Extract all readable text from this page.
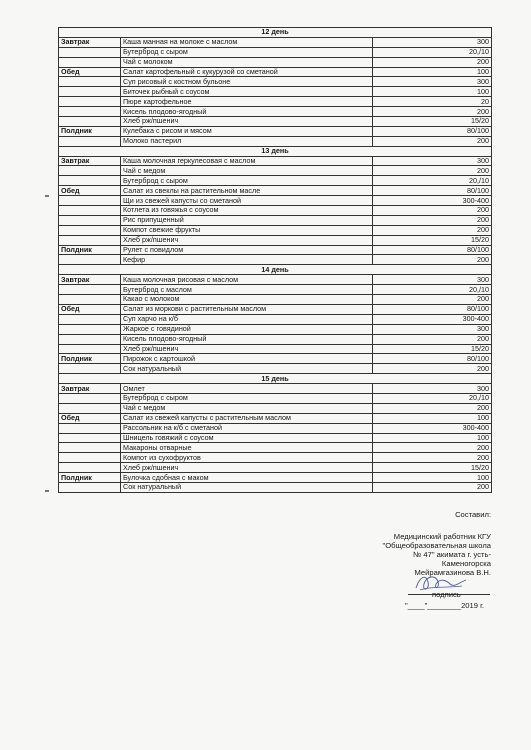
12 день		
Завтрак	Каша манная на молоке с маслом	300
	Бутерброд с сыром	20,/10
	Чай с молоком	200
Обед	Салат картофельный с кукурузой со сметаной	100
	Суп рисовый с костном бульоне	300
	Биточек рыбный с соусом	100
	Пюре картофельное	20
	Кисель плодово-ягодный	200
	Хлеб рж/пшенич	15/20
Полдник	Кулебака с рисом и мясом	80/100
	Молоко пастерил	200
13 день		
Завтрак	Каша молочная геркулесовая с маслом	300
	Чай с медом	200
	Бутерброд с сыром	20,/10
Обед	Салат из свеклы на растительном масле	80/100
	Щи из свежей капусты со сметаной	300-400
	Котлета из говяжья с соусом	200
	Рис припущенный	200
	Компот свежие фрукты	200
	Хлеб рж/пшенич	15/20
Полдник	Рулет с повидлом	80/100
	Кефир	200
14 день		
Завтрак	Каша молочная рисовая с маслом	300
	Бутерброд с маслом	20,/10
	Какао с молоком	200
Обед	Салат из моркови с растительным маслом	80/100
	Суп харчо на к/б	300-400
	Жаркое с говядиной	300
	Кисель плодово-ягодный	200
	Хлеб рж/пшенич	15/20
Полдник	Пирожок с картошкой	80/100
	Сок натуральный	200
15 день		
Завтрак	Омлет	300
	Бутерброд с сыром	20,/10
	Чай с медом	200
Обед	Салат из свежей капусты с растительным маслом	100
	Рассольник на к/б с сметаной	300-400
	Шницель говяжий с соусом	100
	Макароны отварные	200
	Компот из сухофруктов	200
	Хлеб рж/пшенич	15/20
Полдник	Булочка сдобная с маком	100
	Сок натуральный	200
Составил:
Медицинский работник КГУ
"Общеобразовательная школа
№ 47" акимата г. усть-
Каменогорска
Мейрамгазинова В.Н.
подпись
"____"________2019 г.
